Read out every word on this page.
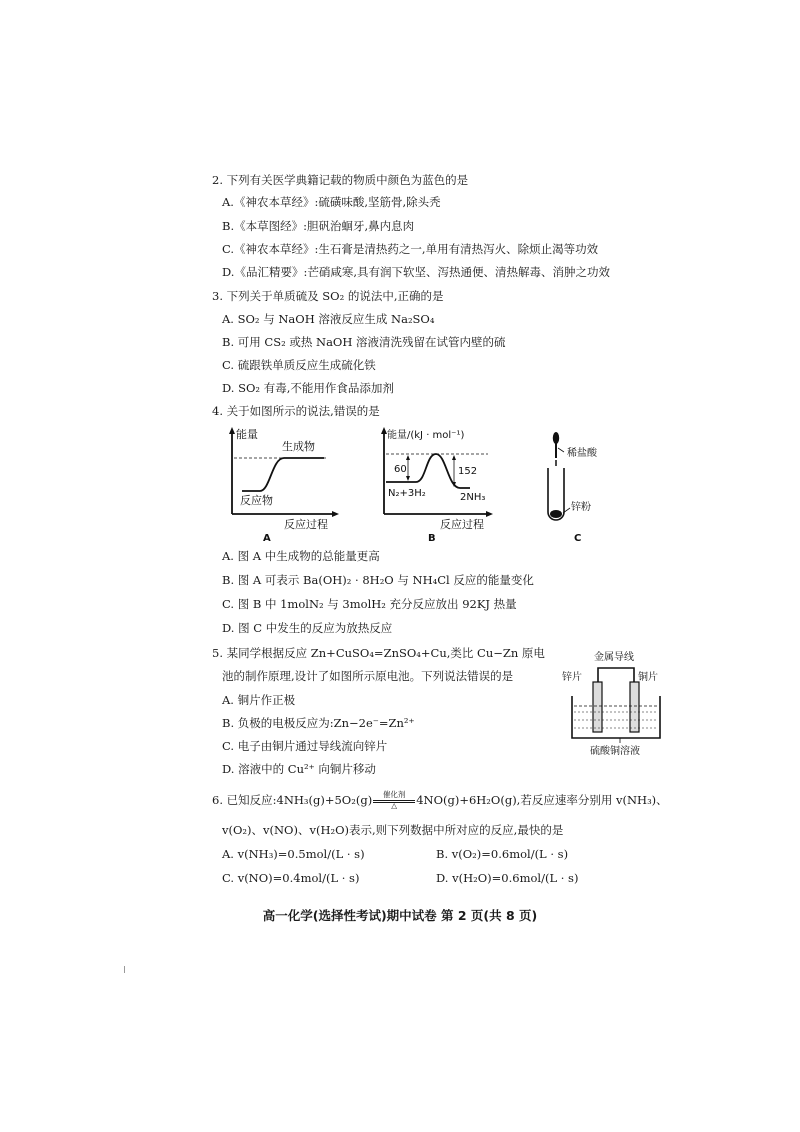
2. 下列有关医学典籍记载的物质中颜色为蓝色的是
A.《神农本草经》:硫磺味酸,坚筋骨,除头秃
B.《本草图经》:胆矾治蛔牙,鼻内息肉
C.《神农本草经》:生石膏是清热药之一,单用有清热泻火、除烦止渴等功效
D.《品汇精要》:芒硝咸寒,具有润下软坚、泻热通便、清热解毒、消肿之功效
3. 下列关于单质硫及 SO₂ 的说法中,正确的是
A. SO₂ 与 NaOH 溶液反应生成 Na₂SO₄
B. 可用 CS₂ 或热 NaOH 溶液清洗残留在试管内壁的硫
C. 硫跟铁单质反应生成硫化铁
D. SO₂ 有毒,不能用作食品添加剂
4. 关于如图所示的说法,错误的是
能量
生成物
反应物
反应过程
A
能量/(kJ · mol⁻¹)
60	152
2NH₃
N₂+3H₂
反应过程
B
稀盐酸
锌粉
C
A. 图 A 中生成物的总能量更高
B. 图 A 可表示 Ba(OH)₂ · 8H₂O 与 NH₄Cl 反应的能量变化
C. 图 B 中 1molN₂ 与 3molH₂ 充分反应放出 92KJ 热量
D. 图 C 中发生的反应为放热反应
5. 某同学根据反应 Zn+CuSO₄=ZnSO₄+Cu,类比 Cu−Zn 原电
池的制作原理,设计了如图所示原电池。下列说法错误的是
A. 铜片作正极
B. 负极的电极反应为:Zn−2e⁻=Zn²⁺
C. 电子由铜片通过导线流向锌片
D. 溶液中的 Cu²⁺ 向铜片移动
金属导线
锌片	铜片
硫酸铜溶液
6. 已知反应:4NH₃(g)+5O₂(g)	催化剂
△	4NO(g)+6H₂O(g),若反应速率分别用 v(NH₃)、
v(O₂)、v(NO)、v(H₂O)表示,则下列数据中所对应的反应,最快的是
A. v(NH₃)=0.5mol/(L · s)	B. v(O₂)=0.6mol/(L · s)
C. v(NO)=0.4mol/(L · s)	D. v(H₂O)=0.6mol/(L · s)
高一化学(选择性考试)期中试卷 第 2 页(共 8 页)
